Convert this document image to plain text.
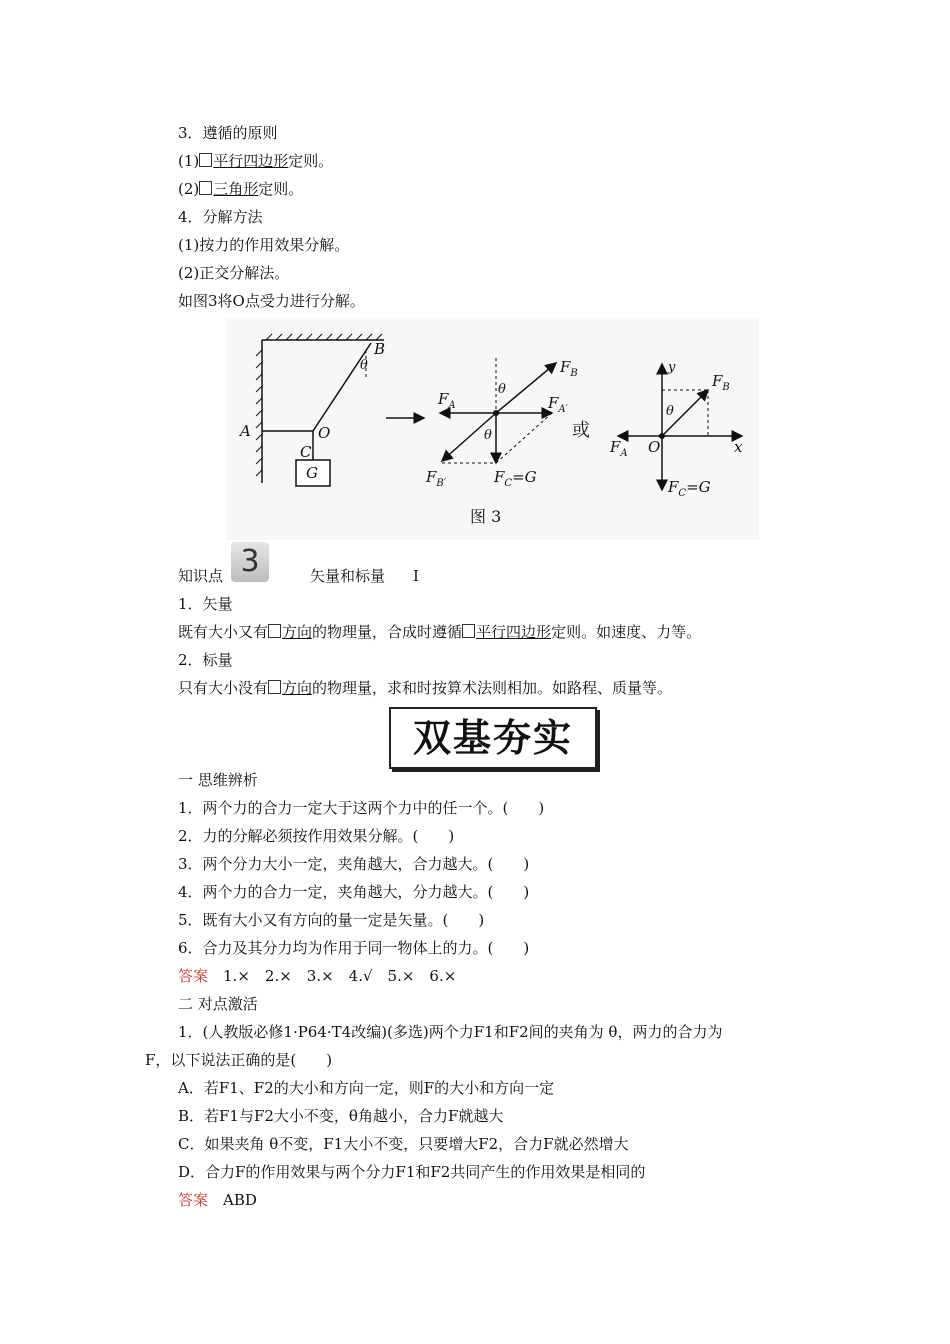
3．遵循的原则
(1) 平行四边形定则。
(2) 三角形定则。
4．分解方法
(1)按力的作用效果分解。
(2)正交分解法。
如图3将O点受力进行分解。
A
B
θ
O
C
G
$F_B$
$F_A$	$F_{A'}$
θ
θ
$F_{B'}$	$F_C=G$
或
y
$F_B$
θ
$F_A$ O	x
$F_C=G$
图 3
知识点 3	矢量和标量 Ⅰ
1．矢量
既有大小又有 方向的物理量，合成时遵循 平行四边形定则。如速度、力等。
2．标量
只有大小没有 方向的物理量，求和时按算术法则相加。如路程、质量等。
双基夯实
一 思维辨析
1．两个力的合力一定大于这两个力中的任一个。(　　)
2．力的分解必须按作用效果分解。(　　)
3．两个分力大小一定，夹角越大，合力越大。(　　)
4．两个力的合力一定，夹角越大，分力越大。(　　)
5．既有大小又有方向的量一定是矢量。(　　)
6．合力及其分力均为作用于同一物体上的力。(　　)
答案　 1.×　2.×　3.×　4.√　5.×　6.×
二 对点激活
1．(人教版必修1·P64·T4改编)(多选)两个力F1和F2间的夹角为 θ，两力的合力为
F，以下说法正确的是(　　)
A．若F1、F2的大小和方向一定，则F的大小和方向一定
B．若F1与F2大小不变，θ角越小，合力F就越大
C．如果夹角 θ不变，F1大小不变，只要增大F2，合力F就必然增大
D．合力F的作用效果与两个分力F1和F2共同产生的作用效果是相同的
答案　 ABD
